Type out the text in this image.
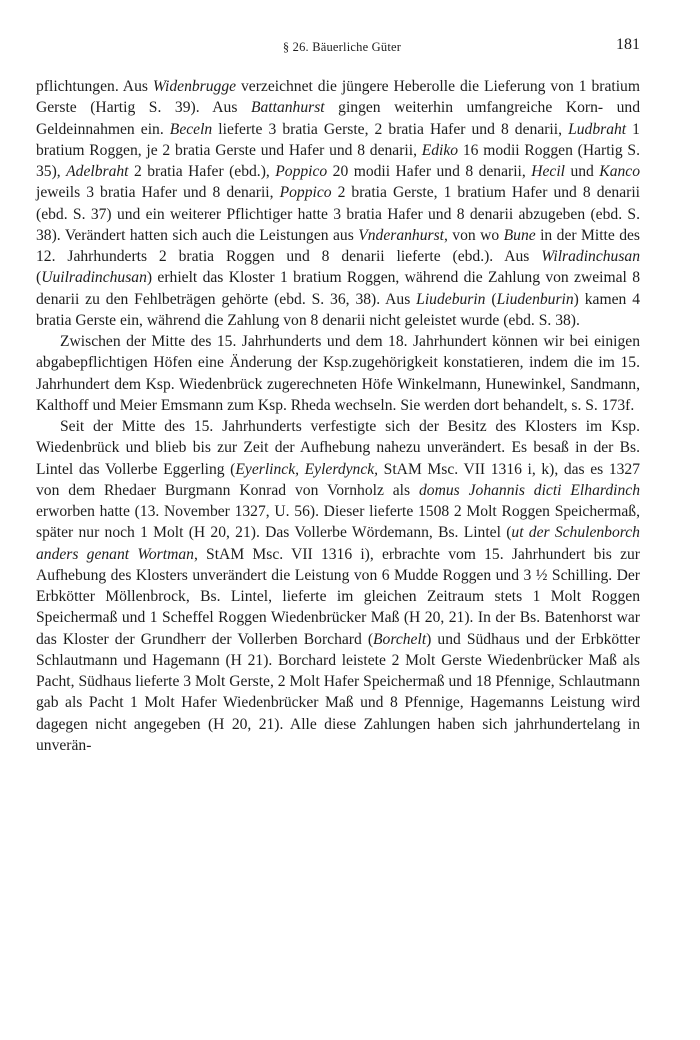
§ 26. Bäuerliche Güter	181

pflichtungen. Aus Widenbrugge verzeichnet die jüngere Heberolle die Lieferung von 1 bratium Gerste (Hartig S. 39). Aus Battanhurst gingen weiterhin umfangreiche Korn- und Geldeinnahmen ein. Beceln lieferte 3 bratia Gerste, 2 bratia Hafer und 8 denarii, Ludbraht 1 bratium Roggen, je 2 bratia Gerste und Hafer und 8 denarii, Ediko 16 modii Roggen (Hartig S. 35), Adelbraht 2 bratia Hafer (ebd.), Poppico 20 modii Hafer und 8 denarii, Hecil und Kanco jeweils 3 bratia Hafer und 8 denarii, Poppico 2 bratia Gerste, 1 bratium Hafer und 8 denarii (ebd. S. 37) und ein weiterer Pflichtiger hatte 3 bratia Hafer und 8 denarii abzugeben (ebd. S. 38). Verändert hatten sich auch die Leistungen aus Vnderanhurst, von wo Bune in der Mitte des 12. Jahrhunderts 2 bratia Roggen und 8 denarii lieferte (ebd.). Aus Wilradinchusan (Uuilradinchusan) erhielt das Kloster 1 bratium Roggen, während die Zahlung von zweimal 8 denarii zu den Fehlbeträgen gehörte (ebd. S. 36, 38). Aus Liudeburin (Liudenburin) kamen 4 bratia Gerste ein, während die Zahlung von 8 denarii nicht geleistet wurde (ebd. S. 38).

Zwischen der Mitte des 15. Jahrhunderts und dem 18. Jahrhundert können wir bei einigen abgabepflichtigen Höfen eine Änderung der Ksp.zugehörigkeit konstatieren, indem die im 15. Jahrhundert dem Ksp. Wiedenbrück zugerechneten Höfe Winkelmann, Hunewinkel, Sandmann, Kalthoff und Meier Emsmann zum Ksp. Rheda wechseln. Sie werden dort behandelt, s. S. 173f.

Seit der Mitte des 15. Jahrhunderts verfestigte sich der Besitz des Klosters im Ksp. Wiedenbrück und blieb bis zur Zeit der Aufhebung nahezu unverändert. Es besaß in der Bs. Lintel das Vollerbe Eggerling (Eyerlinck, Eylerdynck, StAM Msc. VII 1316 i, k), das es 1327 von dem Rhedaer Burgmann Konrad von Vornholz als domus Johannis dicti Elhardinch erworben hatte (13. November 1327, U. 56). Dieser lieferte 1508 2 Molt Roggen Speichermaß, später nur noch 1 Molt (H 20, 21). Das Vollerbe Wördemann, Bs. Lintel (ut der Schulenborch anders genant Wortman, StAM Msc. VII 1316 i), erbrachte vom 15. Jahrhundert bis zur Aufhebung des Klosters unverändert die Leistung von 6 Mudde Roggen und 3 ½ Schilling. Der Erbkötter Möllenbrock, Bs. Lintel, lieferte im gleichen Zeitraum stets 1 Molt Roggen Speichermaß und 1 Scheffel Roggen Wiedenbrücker Maß (H 20, 21). In der Bs. Batenhorst war das Kloster der Grundherr der Vollerben Borchard (Borchelt) und Südhaus und der Erbkötter Schlautmann und Hagemann (H 21). Borchard leistete 2 Molt Gerste Wiedenbrücker Maß als Pacht, Südhaus lieferte 3 Molt Gerste, 2 Molt Hafer Speichermaß und 18 Pfennige, Schlautmann gab als Pacht 1 Molt Hafer Wiedenbrücker Maß und 8 Pfennige, Hagemanns Leistung wird dagegen nicht angegeben (H 20, 21). Alle diese Zahlungen haben sich jahrhundertelang in unverän-
